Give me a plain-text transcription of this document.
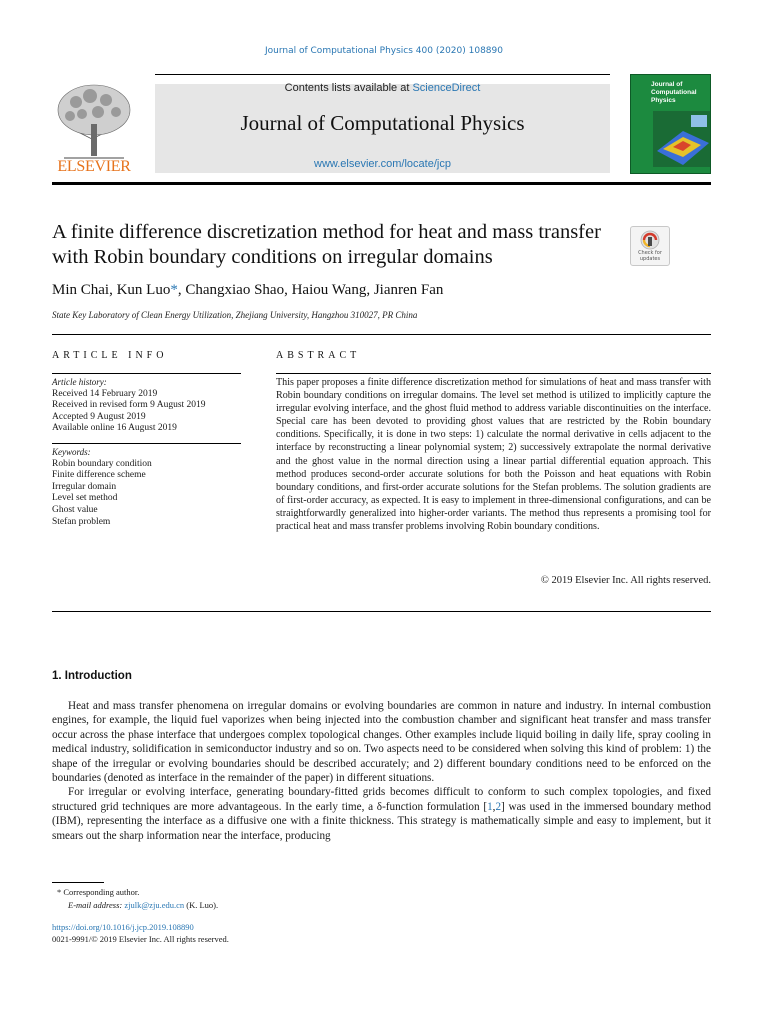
Journal of Computational Physics 400 (2020) 108890
ELSEVIER
Contents lists available at ScienceDirect
Journal of Computational Physics
www.elsevier.com/locate/jcp
Journal of Computational Physics
A finite difference discretization method for heat and mass transfer with Robin boundary conditions on irregular domains	Check for updates
Min Chai, Kun Luo*, Changxiao Shao, Haiou Wang, Jianren Fan
State Key Laboratory of Clean Energy Utilization, Zhejiang University, Hangzhou 310027, PR China
ARTICLE INFO
Article history:
Received 14 February 2019
Received in revised form 9 August 2019
Accepted 9 August 2019
Available online 16 August 2019
Keywords:
Robin boundary condition
Finite difference scheme
Irregular domain
Level set method
Ghost value
Stefan problem
ABSTRACT
This paper proposes a finite difference discretization method for simulations of heat and mass transfer with Robin boundary conditions on irregular domains. The level set method is utilized to implicitly capture the irregular evolving interface, and the ghost fluid method to address variable discontinuities on the interface. Special care has been devoted to providing ghost values that are restricted by the Robin boundary conditions. Specifically, it is done in two steps: 1) calculate the normal derivative in cells adjacent to the interface by reconstructing a linear polynomial system; 2) successively extrapolate the normal derivative and the ghost value in the normal direction using a linear partial differential equation approach. This method produces second-order accurate solutions for both the Poisson and heat equations with Robin boundary conditions, and first-order accurate solutions for the Stefan problems. The solution gradients are of first-order accuracy, as expected. It is easy to implement in three-dimensional configurations, and can be straightforwardly generalized into higher-order variants. The method thus represents a promising tool for practical heat and mass transfer problems involving Robin boundary conditions.
© 2019 Elsevier Inc. All rights reserved.
1. Introduction

Heat and mass transfer phenomena on irregular domains or evolving boundaries are common in nature and industry. In internal combustion engines, for example, the liquid fuel vaporizes when being injected into the combustion chamber and significant heat transfer and mass transfer occur across the phase interface that undergoes complex topological changes. Other examples include liquid boiling in daily life, spray cooling in medical industry, solidification in semiconductor industry and so on. Two aspects need to be considered when solving this kind of problem: 1) the shape of the irregular or evolving boundaries should be described accurately; and 2) different boundary conditions need to be enforced on the boundaries (denoted as interface in the remainder of the paper) in different situations.

For irregular or evolving interface, generating boundary-fitted grids becomes difficult to conform to such complex topologies, and fixed structured grid techniques are more advantageous. In the early time, a δ-function formulation [1,2] was used in the immersed boundary method (IBM), representing the interface as a diffusive one with a finite thickness. This strategy is mathematically simple and easy to implement, but it smears out the sharp information near the interface, producing

* Corresponding author.
E-mail address: zjulk@zju.edu.cn (K. Luo).
https://doi.org/10.1016/j.jcp.2019.108890
0021-9991/© 2019 Elsevier Inc. All rights reserved.
